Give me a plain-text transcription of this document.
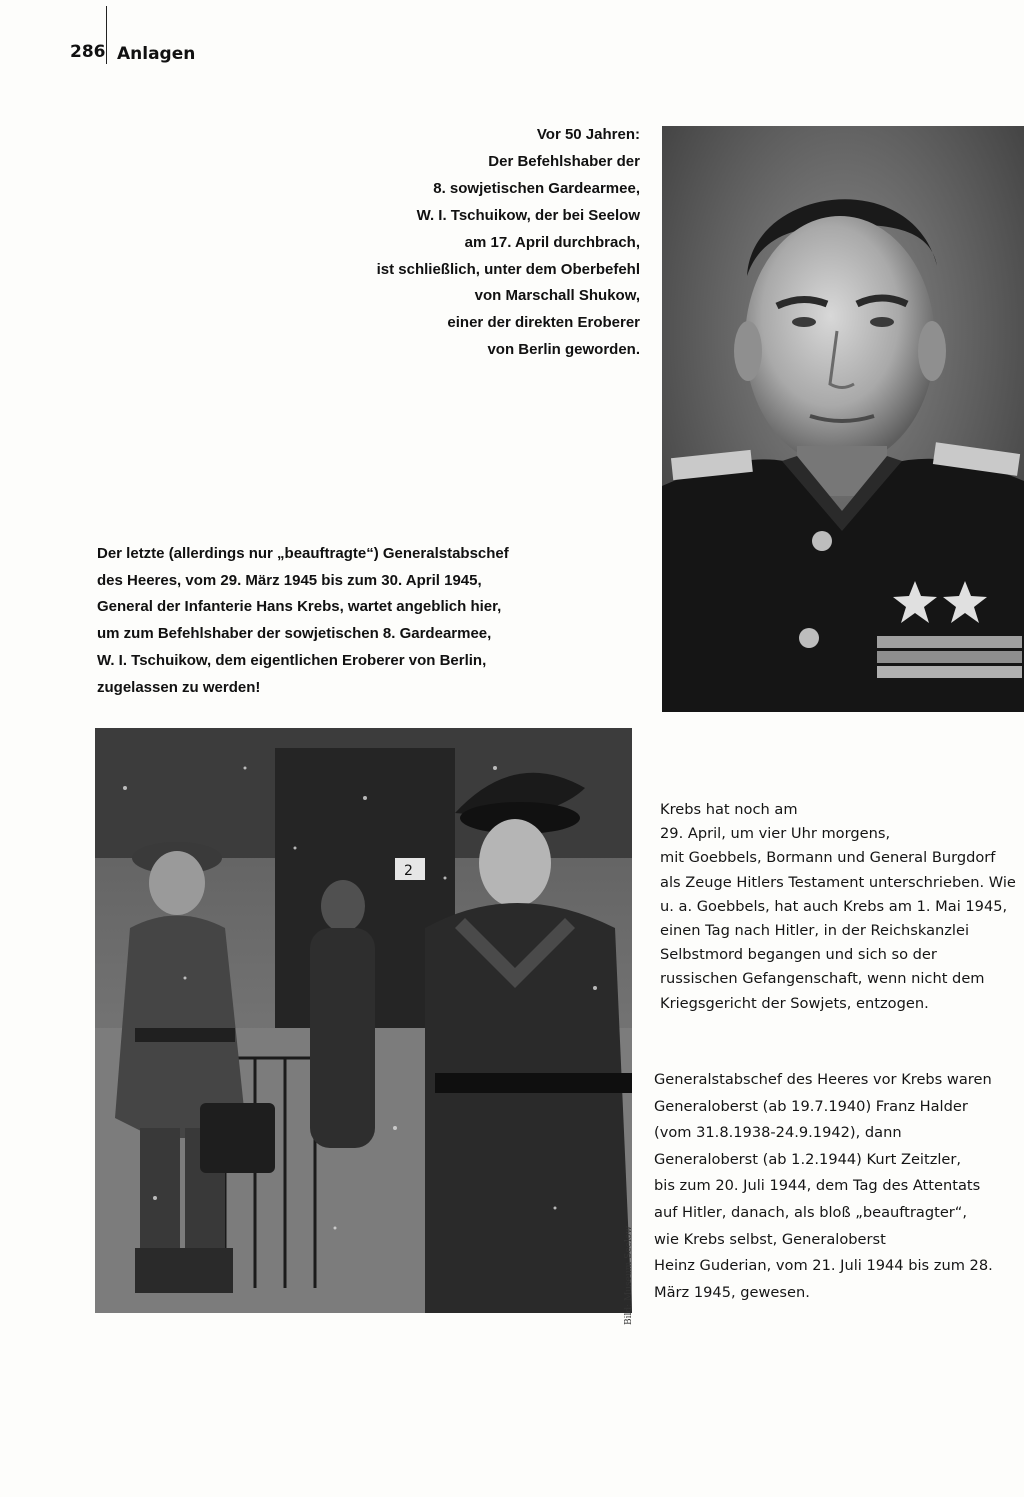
286 Anlagen
Vor 50 Jahren:
Der Befehlshaber der
8. sowjetischen Gardearmee,
W. I. Tschuikow, der bei Seelow
am 17. April durchbrach,
ist schließlich, unter dem Oberbefehl
von Marschall Shukow,
einer der direkten Eroberer
von Berlin geworden.
Der letzte (allerdings nur „beauftragte“) Generalstabschef
des Heeres, vom 29. März 1945 bis zum 30. April 1945,
General der Infanterie Hans Krebs, wartet angeblich hier,
um zum Befehlshaber der sowjetischen 8. Gardearmee,
W. I. Tschuikow, dem eigentlichen Eroberer von Berlin,
zugelassen zu werden!
2
Bild: Museum Seelow
Krebs hat noch am
29. April, um vier Uhr morgens,
mit Goebbels, Bormann und General Burgdorf
als Zeuge Hitlers Testament unterschrieben. Wie
u. a. Goebbels, hat auch Krebs am 1. Mai 1945,
einen Tag nach Hitler, in der Reichskanzlei
Selbstmord begangen und sich so der
russischen Gefangenschaft, wenn nicht dem
Kriegsgericht der Sowjets, entzogen.
Generalstabschef des Heeres vor Krebs waren
Generaloberst (ab 19.7.1940) Franz Halder
(vom 31.8.1938-24.9.1942), dann
Generaloberst (ab 1.2.1944) Kurt Zeitzler,
bis zum 20. Juli 1944, dem Tag des Attentats
auf Hitler, danach, als bloß „beauftragter“,
wie Krebs selbst, Generaloberst
Heinz Guderian, vom 21. Juli 1944 bis zum 28.
März 1945, gewesen.
